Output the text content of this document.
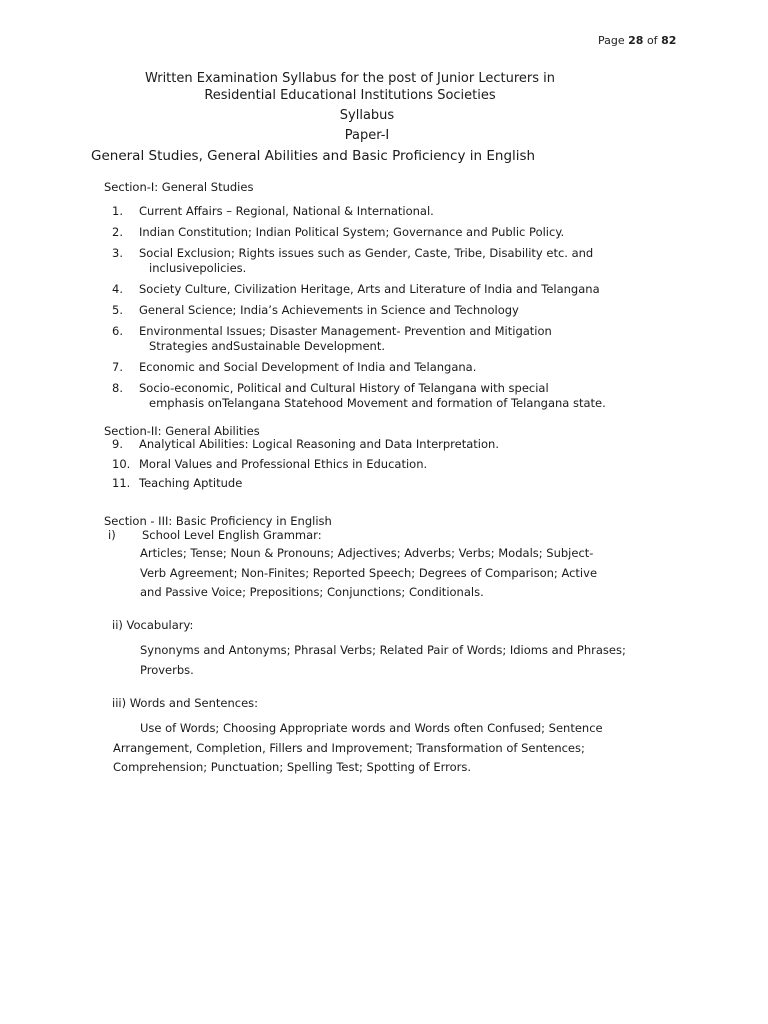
Page 28 of 82
Written Examination Syllabus for the post of Junior Lecturers in
Residential Educational Institutions Societies
Syllabus
Paper-I
General Studies, General Abilities and Basic Proficiency in English
Section-I: General Studies
1. Current Affairs – Regional, National & International.
2. Indian Constitution; Indian Political System; Governance and Public Policy.
3. Social Exclusion; Rights issues such as Gender, Caste, Tribe, Disability etc. and
inclusivepolicies.
4. Society Culture, Civilization Heritage, Arts and Literature of India and Telangana
5. General Science; India’s Achievements in Science and Technology
6. Environmental Issues; Disaster Management- Prevention and Mitigation
Strategies andSustainable Development.
7. Economic and Social Development of India and Telangana.
8. Socio-economic, Political and Cultural History of Telangana with special
emphasis onTelangana Statehood Movement and formation of Telangana state.
Section-II: General Abilities
9. Analytical Abilities: Logical Reasoning and Data Interpretation.
10. Moral Values and Professional Ethics in Education.
11. Teaching Aptitude
Section - III: Basic Proficiency in English
i) School Level English Grammar:
Articles; Tense; Noun & Pronouns; Adjectives; Adverbs; Verbs; Modals; Subject-
Verb Agreement; Non-Finites; Reported Speech; Degrees of Comparison; Active
and Passive Voice; Prepositions; Conjunctions; Conditionals.
ii) Vocabulary:
Synonyms and Antonyms; Phrasal Verbs; Related Pair of Words; Idioms and Phrases;
Proverbs.
iii) Words and Sentences:
Use of Words; Choosing Appropriate words and Words often Confused; Sentence
Arrangement, Completion, Fillers and Improvement; Transformation of Sentences;
Comprehension; Punctuation; Spelling Test; Spotting of Errors.
